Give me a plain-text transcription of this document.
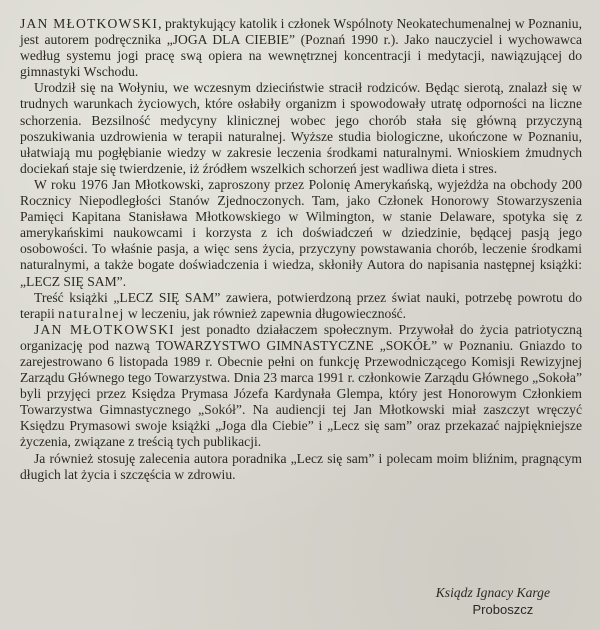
JAN MŁOTKOWSKI, praktykujący katolik i członek Wspólnoty Neokatechumenalnej w Poznaniu, jest autorem podręcznika „JOGA DLA CIEBIE” (Poznań 1990 r.). Jako nauczyciel i wychowawca według systemu jogi pracę swą opiera na wewnętrznej koncentracji i medytacji, nawiązującej do gimnastyki Wschodu.

Urodził się na Wołyniu, we wczesnym dzieciństwie stracił rodziców. Będąc sierotą, znalazł się w trudnych warunkach życiowych, które osłabiły organizm i spowodowały utratę odporności na liczne schorzenia. Bezsilność medycyny klinicznej wobec jego chorób stała się główną przyczyną poszukiwania uzdrowienia w terapii naturalnej. Wyższe studia biologiczne, ukończone w Poznaniu, ułatwiają mu pogłębianie wiedzy w zakresie leczenia środkami naturalnymi. Wnioskiem żmudnych dociekań staje się twierdzenie, iż źródłem wszelkich schorzeń jest wadliwa dieta i stres.

W roku 1976 Jan Młotkowski, zaproszony przez Polonię Amerykańską, wyjeżdża na obchody 200 Rocznicy Niepodległości Stanów Zjednoczonych. Tam, jako Członek Honorowy Stowarzyszenia Pamięci Kapitana Stanisława Młotkowskiego w Wilmington, w stanie Delaware, spotyka się z amerykańskimi naukowcami i korzysta z ich doświadczeń w dziedzinie, będącej pasją jego osobowości. To właśnie pasja, a więc sens życia, przyczyny powstawania chorób, leczenie środkami naturalnymi, a także bogate doświadczenia i wiedza, skłoniły Autora do napisania następnej książki: „LECZ SIĘ SAM”.

Treść książki „LECZ SIĘ SAM” zawiera, potwierdzoną przez świat nauki, potrzebę powrotu do terapii naturalnej w leczeniu, jak również zapewnia długowieczność.

JAN MŁOTKOWSKI jest ponadto działaczem społecznym. Przywołał do życia patriotyczną organizację pod nazwą TOWARZYSTWO GIMNASTYCZNE „SOKÓŁ” w Poznaniu. Gniazdo to zarejestrowano 6 listopada 1989 r. Obecnie pełni on funkcję Przewodniczącego Komisji Rewizyjnej Zarządu Głównego tego Towarzystwa. Dnia 23 marca 1991 r. członkowie Zarządu Głównego „Sokoła” byli przyjęci przez Księdza Prymasa Józefa Kardynała Glempa, który jest Honorowym Członkiem Towarzystwa Gimnastycznego „Sokół”. Na audiencji tej Jan Młotkowski miał zaszczyt wręczyć Księdzu Prymasowi swoje książki „Joga dla Ciebie” i „Lecz się sam” oraz przekazać najpiękniejsze życzenia, związane z treścią tych publikacji.

Ja również stosuję zalecenia autora poradnika „Lecz się sam” i polecam moim bliźnim, pragnącym długich lat życia i szczęścia w zdrowiu.

Ksiądz Ignacy Karge
Proboszcz
